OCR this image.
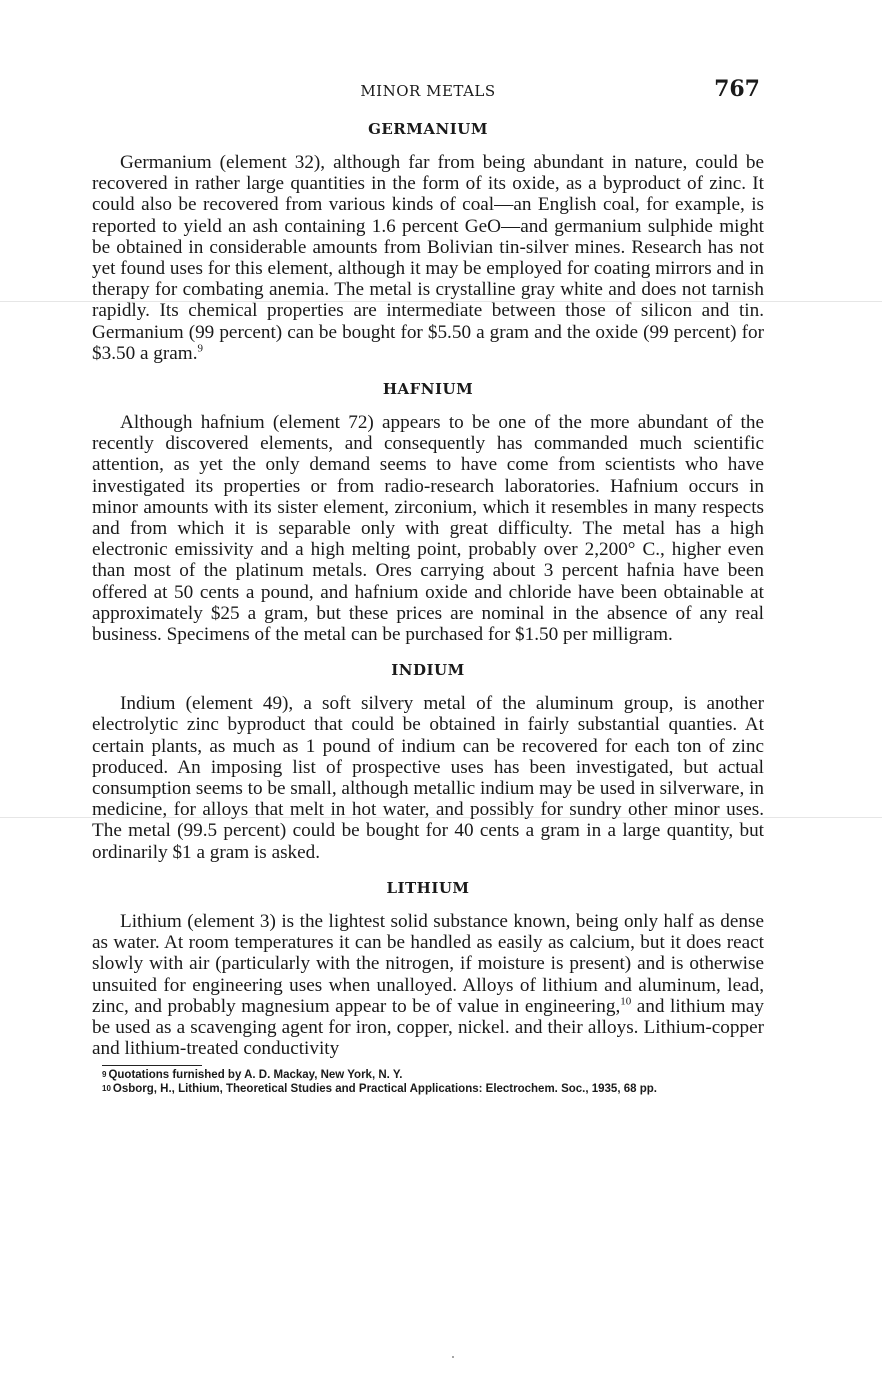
MINOR METALS	767
GERMANIUM

Germanium (element 32), although far from being abundant in nature, could be recovered in rather large quantities in the form of its oxide, as a byproduct of zinc. It could also be recovered from various kinds of coal—an English coal, for example, is reported to yield an ash containing 1.6 percent GeO—and germanium sulphide might be obtained in considerable amounts from Bolivian tin-silver mines. Research has not yet found uses for this element, although it may be employed for coating mirrors and in therapy for combating anemia. The metal is crystalline gray white and does not tarnish rapidly. Its chemical properties are intermediate between those of silicon and tin. Germanium (99 percent) can be bought for $5.50 a gram and the oxide (99 percent) for $3.50 a gram.$^9$

HAFNIUM

Although hafnium (element 72) appears to be one of the more abundant of the recently discovered elements, and consequently has commanded much scientific attention, as yet the only demand seems to have come from scientists who have investigated its properties or from radio-research laboratories. Hafnium occurs in minor amounts with its sister element, zirconium, which it resembles in many respects and from which it is separable only with great difficulty. The metal has a high electronic emissivity and a high melting point, probably over 2,200° C., higher even than most of the platinum metals. Ores carrying about 3 percent hafnia have been offered at 50 cents a pound, and hafnium oxide and chloride have been obtainable at approximately $25 a gram, but these prices are nominal in the absence of any real business. Specimens of the metal can be purchased for $1.50 per milligram.

INDIUM

Indium (element 49), a soft silvery metal of the aluminum group, is another electrolytic zinc byproduct that could be obtained in fairly substantial quanties. At certain plants, as much as 1 pound of indium can be recovered for each ton of zinc produced. An imposing list of prospective uses has been investigated, but actual consumption seems to be small, although metallic indium may be used in silverware, in medicine, for alloys that melt in hot water, and possibly for sundry other minor uses. The metal (99.5 percent) could be bought for 40 cents a gram in a large quantity, but ordinarily $1 a gram is asked.

LITHIUM

Lithium (element 3) is the lightest solid substance known, being only half as dense as water. At room temperatures it can be handled as easily as calcium, but it does react slowly with air (particularly with the nitrogen, if moisture is present) and is otherwise unsuited for engineering uses when unalloyed. Alloys of lithium and aluminum, lead, zinc, and probably magnesium appear to be of value in engineering,$^{10}$ and lithium may be used as a scavenging agent for iron, copper, nickel. and their alloys. Lithium-copper and lithium-treated conductivity

9 Quotations furnished by A. D. Mackay, New York, N. Y.

10 Osborg, H., Lithium, Theoretical Studies and Practical Applications: Electrochem. Soc., 1935, 68 pp.
